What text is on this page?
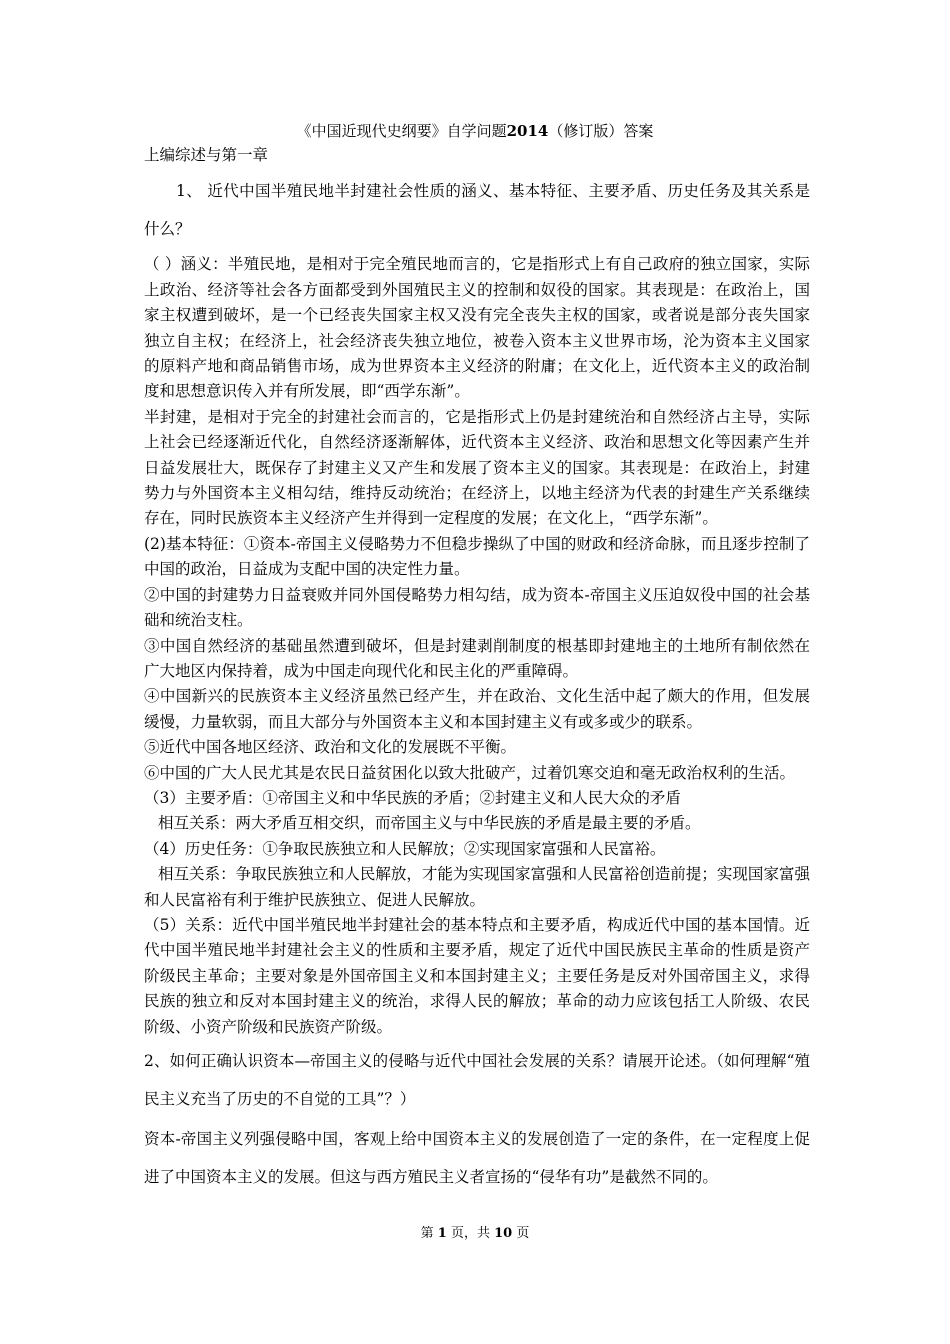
《中国近现代史纲要》自学问题2014（修订版）答案

上编综述与第一章

1、 近代中国半殖民地半封建社会性质的涵义、基本特征、主要矛盾、历史任务及其关系是什么？

（ ）涵义：半殖民地，是相对于完全殖民地而言的，它是指形式上有自己政府的独立国家，实际上政治、经济等社会各方面都受到外国殖民主义的控制和奴役的国家。其表现是：在政治上，国家主权遭到破坏，是一个已经丧失国家主权又没有完全丧失主权的国家，或者说是部分丧失国家独立自主权；在经济上，社会经济丧失独立地位，被卷入资本主义世界市场，沦为资本主义国家的原料产地和商品销售市场，成为世界资本主义经济的附庸；在文化上，近代资本主义的政治制度和思想意识传入并有所发展，即“西学东渐”。

半封建，是相对于完全的封建社会而言的，它是指形式上仍是封建统治和自然经济占主导，实际上社会已经逐渐近代化，自然经济逐渐解体，近代资本主义经济、政治和思想文化等因素产生并日益发展壮大，既保存了封建主义又产生和发展了资本主义的国家。其表现是：在政治上，封建势力与外国资本主义相勾结，维持反动统治；在经济上，以地主经济为代表的封建生产关系继续存在，同时民族资本主义经济产生并得到一定程度的发展；在文化上，“西学东渐”。

(2)基本特征：①资本-帝国主义侵略势力不但稳步操纵了中国的财政和经济命脉，而且逐步控制了中国的政治，日益成为支配中国的决定性力量。

②中国的封建势力日益衰败并同外国侵略势力相勾结，成为资本-帝国主义压迫奴役中国的社会基础和统治支柱。

③中国自然经济的基础虽然遭到破坏，但是封建剥削制度的根基即封建地主的土地所有制依然在广大地区内保持着，成为中国走向现代化和民主化的严重障碍。

④中国新兴的民族资本主义经济虽然已经产生，并在政治、文化生活中起了颇大的作用，但发展缓慢，力量软弱，而且大部分与外国资本主义和本国封建主义有或多或少的联系。

⑤近代中国各地区经济、政治和文化的发展既不平衡。

⑥中国的广大人民尤其是农民日益贫困化以致大批破产，过着饥寒交迫和毫无政治权利的生活。

（3）主要矛盾：①帝国主义和中华民族的矛盾；②封建主义和人民大众的矛盾

相互关系：两大矛盾互相交织，而帝国主义与中华民族的矛盾是最主要的矛盾。

（4）历史任务：①争取民族独立和人民解放；②实现国家富强和人民富裕。

相互关系：争取民族独立和人民解放，才能为实现国家富强和人民富裕创造前提；实现国家富强和人民富裕有利于维护民族独立、促进人民解放。

（5）关系：近代中国半殖民地半封建社会的基本特点和主要矛盾，构成近代中国的基本国情。近代中国半殖民地半封建社会主义的性质和主要矛盾，规定了近代中国民族民主革命的性质是资产阶级民主革命；主要对象是外国帝国主义和本国封建主义；主要任务是反对外国帝国主义，求得民族的独立和反对本国封建主义的统治，求得人民的解放；革命的动力应该包括工人阶级、农民阶级、小资产阶级和民族资产阶级。

2、如何正确认识资本—帝国主义的侵略与近代中国社会发展的关系？请展开论述。（如何理解“殖民主义充当了历史的不自觉的工具”？）

资本-帝国主义列强侵略中国，客观上给中国资本主义的发展创造了一定的条件，在一定程度上促进了中国资本主义的发展。但这与西方殖民主义者宣扬的“侵华有功”是截然不同的。

第 1 页，共 10 页
